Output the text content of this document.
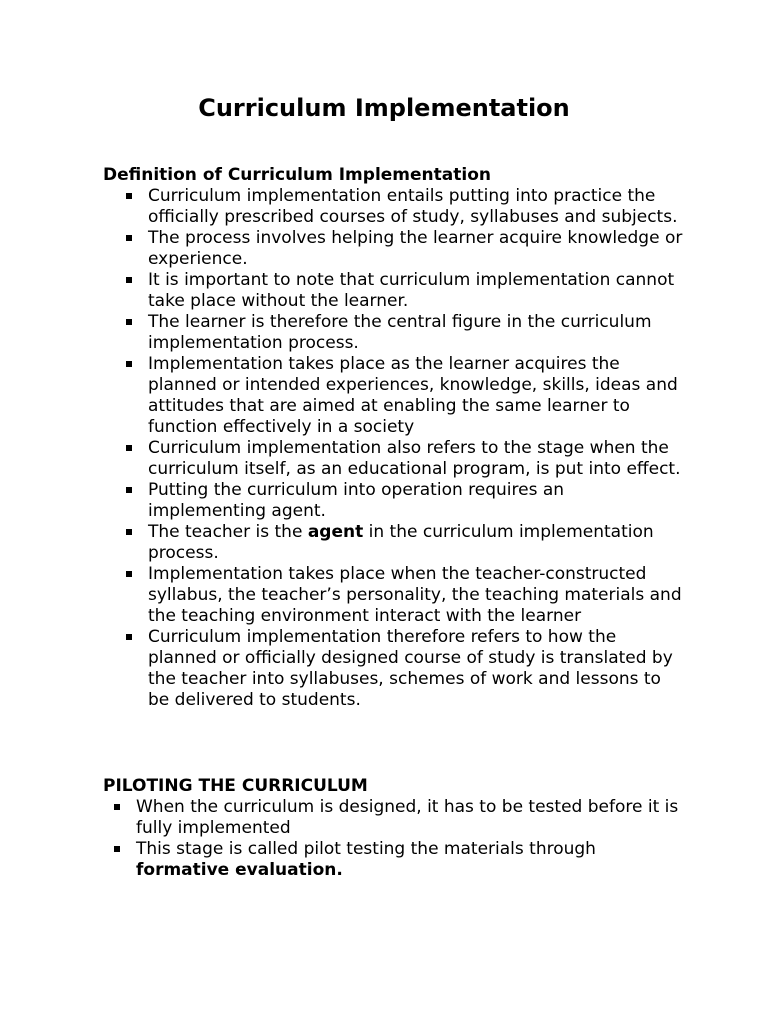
Curriculum Implementation
Definition of Curriculum Implementation
Curriculum implementation entails putting into practice the officially prescribed courses of study, syllabuses and subjects.
The process involves helping the learner acquire knowledge or experience.
It is important to note that curriculum implementation cannot take place without the learner.
The learner is therefore the central figure in the curriculum implementation process.
Implementation takes place as the learner acquires the planned or intended experiences, knowledge, skills, ideas and attitudes that are aimed at enabling the same learner to function effectively in a society
Curriculum implementation also refers to the stage when the curriculum itself, as an educational program, is put into effect.
Putting the curriculum into operation requires an implementing agent.
The teacher is the agent in the curriculum implementation process.
Implementation takes place when the teacher-constructed syllabus, the teacher’s personality, the teaching materials and the teaching environment interact with the learner
Curriculum implementation therefore refers to how the planned or officially designed course of study is translated by the teacher into syllabuses, schemes of work and lessons to be delivered to students.
PILOTING THE CURRICULUM
When the curriculum is designed, it has to be tested before it is fully implemented
This stage is called pilot testing the materials through formative evaluation.
